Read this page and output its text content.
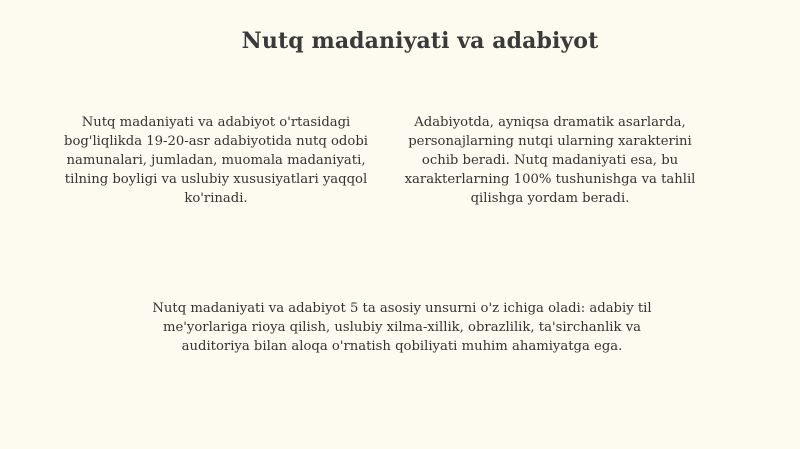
Nutq madaniyati va adabiyot

Nutq madaniyati va adabiyot o'rtasidagi bog'liqlikda 19-20-asr adabiyotida nutq odobi namunalari, jumladan, muomala madaniyati, tilning boyligi va uslubiy xususiyatlari yaqqol ko'rinadi.

Adabiyotda, ayniqsa dramatik asarlarda, personajlarning nutqi ularning xarakterini ochib beradi. Nutq madaniyati esa, bu xarakterlarning 100% tushunishga va tahlil qilishga yordam beradi.

Nutq madaniyati va adabiyot 5 ta asosiy unsurni o'z ichiga oladi: adabiy til me'yorlariga rioya qilish, uslubiy xilma-xillik, obrazlilik, ta'sirchanlik va auditoriya bilan aloqa o'rnatish qobiliyati muhim ahamiyatga ega.
